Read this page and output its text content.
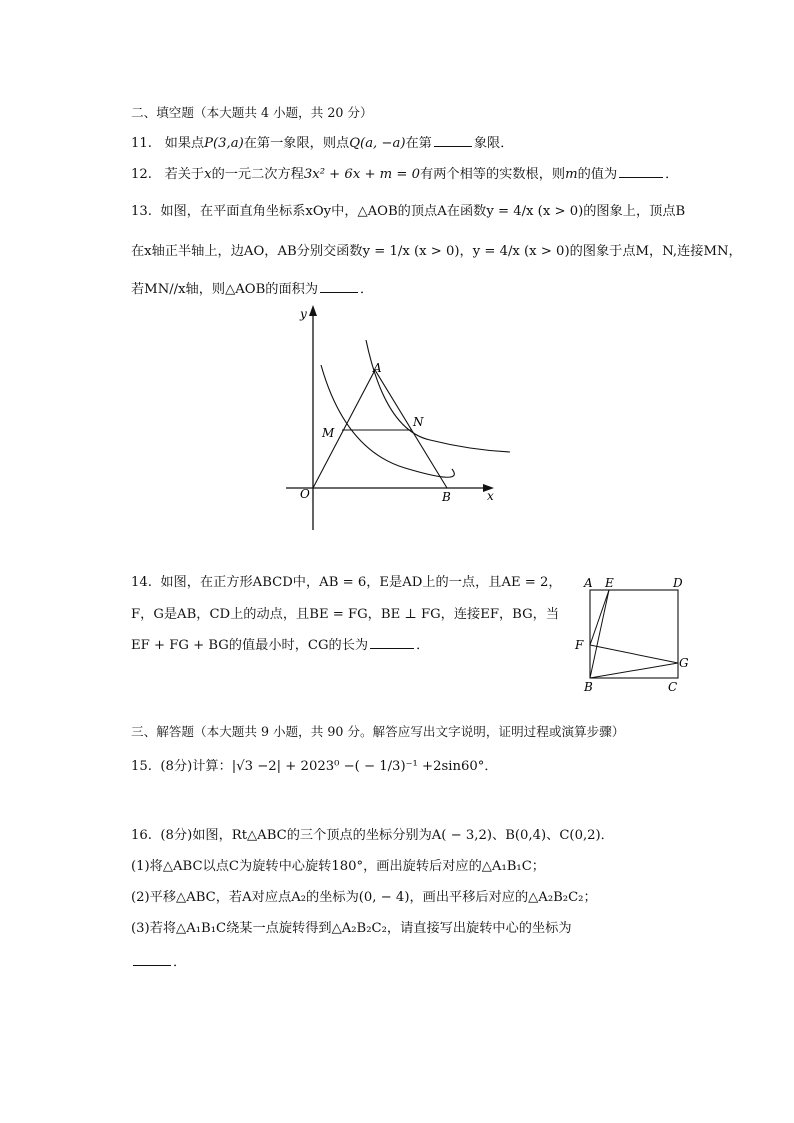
二、填空题（本大题共 4 小题，共 20 分）
11. 如果点P(3,a)在第一象限，则点Q(a, −a)在第	象限．
12. 若关于x的一元二次方程3x² + 6x + m = 0有两个相等的实数根，则m的值为	．
13. 如图，在平面直角坐标系xOy中，△AOB的顶点A在函数y = 4/x (x > 0)的图象上，顶点B
在x轴正半轴上，边AO，AB分别交函数y = 1/x (x > 0)，y = 4/x (x > 0)的图象于点M，N,连接MN，
若MN//x轴，则△AOB的面积为	．
y
x
O
A
B
M
N
14. 如图，在正方形ABCD中，AB = 6，E是AD上的一点，且AE = 2，
F，G是AB，CD上的动点，且BE = FG，BE ⊥ FG，连接EF，BG，当
EF + FG + BG的值最小时，CG的长为	．
A E	D
F
G
B	C
三、解答题（本大题共 9 小题，共 90 分。解答应写出文字说明，证明过程或演算步骤）
15. (8分)计算：|√3 −2| + 2023⁰ −( − 1/3)⁻¹ +2sin60°．
16. (8分)如图，Rt△ABC的三个顶点的坐标分别为A( − 3,2)、B(0,4)、C(0,2)．
(1)将△ABC以点C为旋转中心旋转180°，画出旋转后对应的△A₁B₁C；
(2)平移△ABC，若A对应点A₂的坐标为(0, − 4)，画出平移后对应的△A₂B₂C₂；
(3)若将△A₁B₁C绕某一点旋转得到△A₂B₂C₂，请直接写出旋转中心的坐标为
．
